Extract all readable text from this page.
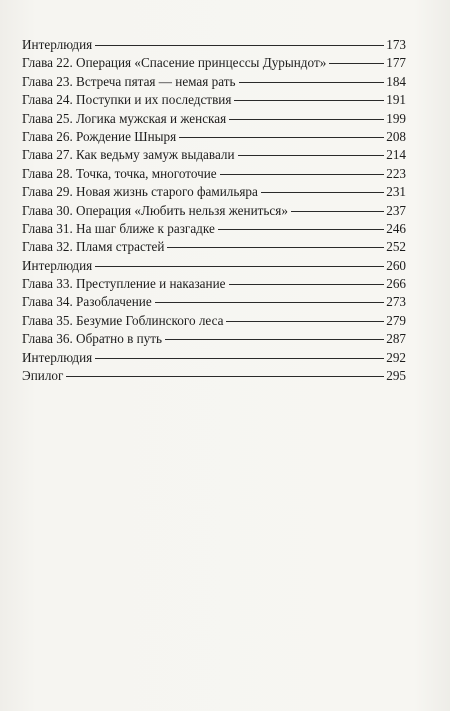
Интерлюдия	173
Глава 22. Операция «Спасение принцессы Дурындот»	177
Глава 23. Встреча пятая — немая рать	184
Глава 24. Поступки и их последствия	191
Глава 25. Логика мужская и женская	199
Глава 26. Рождение Шныря	208
Глава 27. Как ведьму замуж выдавали	214
Глава 28. Точка, точка, многоточие	223
Глава 29. Новая жизнь старого фамильяра	231
Глава 30. Операция «Любить нельзя жениться»	237
Глава 31. На шаг ближе к разгадке	246
Глава 32. Пламя страстей	252
Интерлюдия	260
Глава 33. Преступление и наказание	266
Глава 34. Разоблачение	273
Глава 35. Безумие Гоблинского леса	279
Глава 36. Обратно в путь	287
Интерлюдия	292
Эпилог	295
